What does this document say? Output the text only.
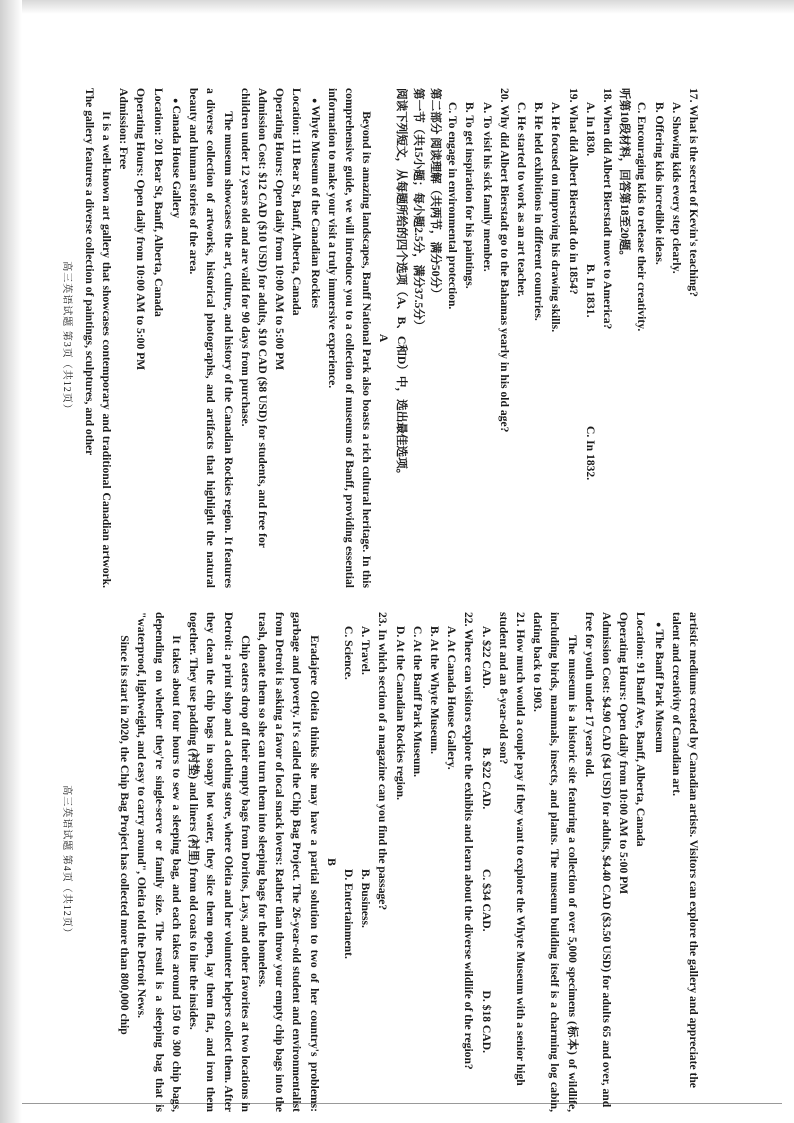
17. What is the secret of Kevin's teaching?

A. Showing kids every step clearly.

B. Offering kids incredible ideas.

C. Encouraging kids to release their creativity.

听第10段材料，回答第18至20题。

18. When did Albert Bierstadt move to America?

A. In 1830.
B. In 1831.
C. In 1832.

19. What did Albert Bierstadt do in 1854?

A. He focused on improving his drawing skills.

B. He held exhibitions in different countries.

C. He started to work as an art teacher.

20. Why did Albert Bierstadt go to the Bahamas yearly in his old age?

A. To visit his sick family member.

B. To get inspiration for his paintings.

C. To engage in environmental protection.

第二部分 阅读理解（共两节，满分50分）

第一节（共15小题；每小题2.5分，满分37.5分）

阅读下列短文，从每题所给的四个选项（A、B、C和D）中，选出最佳选项。

A

Beyond its amazing landscapes, Banff National Park also boasts a rich cultural heritage. In this comprehensive guide, we will introduce you to a collection of museums of Banff, providing essential information to make your visit a truly immersive experience.

●Whyte Museum of the Canadian Rockies

Location: 111 Bear St, Banff, Alberta, Canada

Operating Hours: Open daily from 10:00 AM to 5:00 PM

Admission Cost: $12 CAD ($10 USD) for adults, $10 CAD ($8 USD) for students, and free for children under 12 years old and are valid for 90 days from purchase.

The museum showcases the art, culture, and history of the Canadian Rockies region. It features a diverse collection of artworks, historical photographs, and artifacts that highlight the natural beauty and human stories of the area.

●Canada House Gallery

Location: 201 Bear St, Banff, Alberta, Canada

Operating Hours: Open daily from 10:00 AM to 5:00 PM

Admission: Free

It is a well-known art gallery that showcases contemporary and traditional Canadian artwork. The gallery features a diverse collection of paintings, sculptures, and other

高三英语试题 第3页（共12页）

artistic mediums created by Canadian artists. Visitors can explore the gallery and appreciate the talent and creativity of Canadian art.

●The Banff Park Museum

Location: 91 Banff Ave, Banff, Alberta, Canada

Operating Hours: Open daily from 10:00 AM to 5:00 PM

Admission Cost: $4.90 CAD ($4 USD) for adults, $4.40 CAD ($3.50 USD) for adults 65 and over, and free for youth under 17 years old.

The museum is a historic site featuring a collection of over 5,000 specimens (标本) of wildlife, including birds, mammals, insects, and plants. The museum building itself is a charming log cabin, dating back to 1903.

21. How much would a couple pay if they want to explore the Whyte Museum with a senior high student and an 8-year-old son?

A. $22 CAD.
B. $22 CAD.
C. $34 CAD.
D. $18 CAD.

22. Where can visitors explore the exhibits and learn about the diverse wildlife of the region?

A. At Canada House Gallery.

B. At the Whyte Museum.

C. At the Banff Park Museum.

D. At the Canadian Rockies region.

23. In which section of a magazine can you find the passage?

A. Travel.
B. Business.
C. Science.
D. Entertainment.

B

Eradajere Oleita thinks she may have a partial solution to two of her country's problems: garbage and poverty. It's called the Chip Bag Project. The 26-year-old student and environmentalist from Detroit is asking a favor of local snack lovers: Rather than throw your empty chip bags into the trash, donate them so she can turn them into sleeping bags for the homeless.

Chip eaters drop off their empty bags from Doritos, Lays, and other favorites at two locations in Detroit: a print shop and a clothing store, where Oleita and her volunteer helpers collect them. After they clean the chip bags in soapy hot water, they slice them open, lay them flat, and iron them together. They use padding (衬垫) and liners (衬里) from old coats to line the insides.

It takes about four hours to sew a sleeping bag, and each takes around 150 to 300 chip bags, depending on whether they're single-serve or family size. The result is a sleeping bag that is "waterproof, lightweight, and easy to carry around", Oleita told the Detroit News.

Since its start in 2020, the Chip Bag Project has collected more than 800,000 chip

高三英语试题 第4页（共12页）
